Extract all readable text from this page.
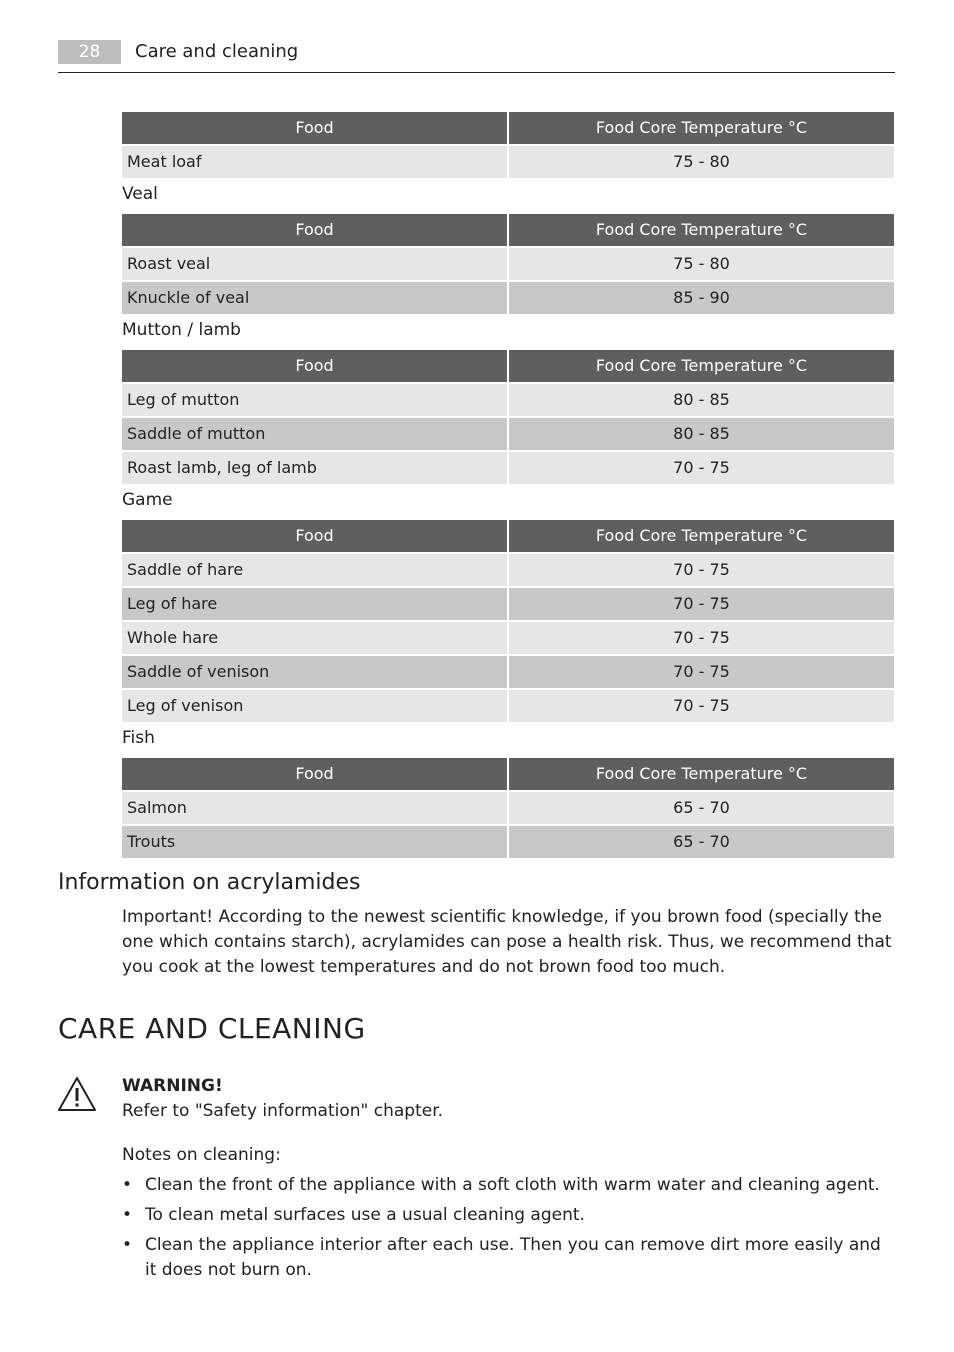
28	Care and cleaning
Food	Food Core Temperature °C
Meat loaf	75 - 80
Veal
Food	Food Core Temperature °C
Roast veal	75 - 80
Knuckle of veal	85 - 90
Mutton / lamb
Food	Food Core Temperature °C
Leg of mutton	80 - 85
Saddle of mutton	80 - 85
Roast lamb, leg of lamb	70 - 75
Game
Food	Food Core Temperature °C
Saddle of hare	70 - 75
Leg of hare	70 - 75
Whole hare	70 - 75
Saddle of venison	70 - 75
Leg of venison	70 - 75
Fish
Food	Food Core Temperature °C
Salmon	65 - 70
Trouts	65 - 70
Information on acrylamides
Important! According to the newest scientific knowledge, if you brown food (specially the one which contains starch), acrylamides can pose a health risk. Thus, we recommend that you cook at the lowest temperatures and do not brown food too much.
CARE AND CLEANING
WARNING!
Refer to "Safety information" chapter.
Notes on cleaning:
• Clean the front of the appliance with a soft cloth with warm water and cleaning agent.
• To clean metal surfaces use a usual cleaning agent.
• Clean the appliance interior after each use. Then you can remove dirt more easily and it does not burn on.
